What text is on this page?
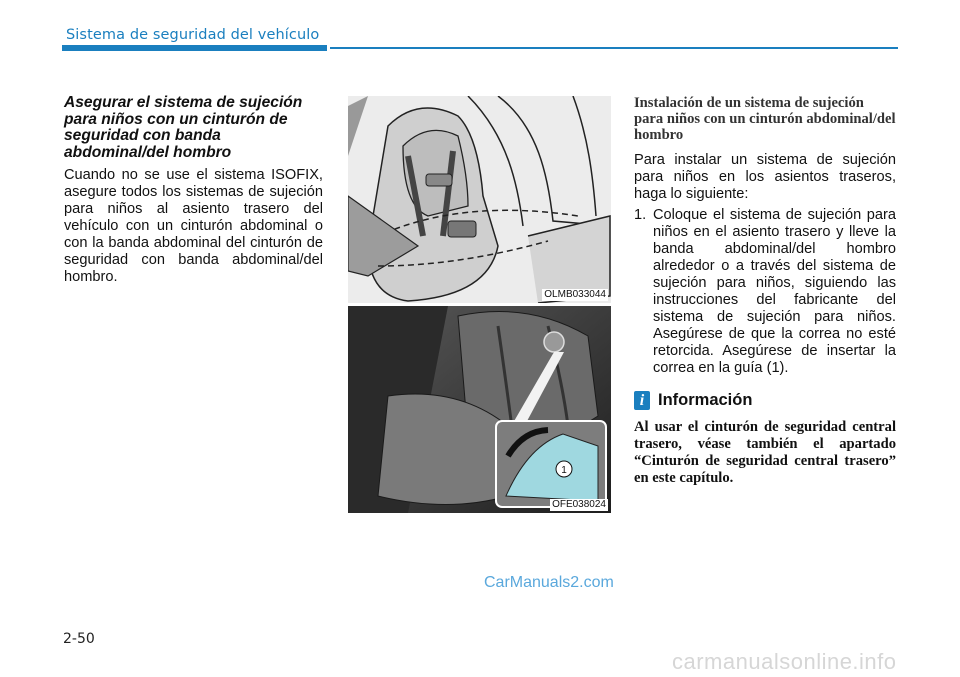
Sistema de seguridad del vehículo

Asegurar el sistema de sujeción para niños con un cinturón de seguridad con banda abdominal/del hombro

Cuando no se use el sistema ISOFIX, asegure todos los sistemas de sujeción para niños al asiento trasero del vehículo con un cinturón abdominal o con la banda abdominal del cinturón de seguridad con banda abdominal/del hombro.

OLMB033044
1
OFE038024

Instalación de un sistema de sujeción para niños con un cinturón abdominal/del hombro

Para instalar un sistema de sujeción para niños en los asientos traseros, haga lo siguiente:

1. Coloque el sistema de sujeción para niños en el asiento trasero y lleve la banda abdominal/del hombro alrededor o a través del sistema de sujeción para niños, siguiendo las instrucciones del fabricante del sistema de sujeción para niños. Asegúrese de que la correa no esté retorcida. Asegúrese de insertar la correa en la guía (1).
i Información
Al usar el cinturón de seguridad central trasero, véase también el apartado “Cinturón de seguridad central trasero” en este capítulo.
CarManuals2.com
2-50
carmanualsonline.info
